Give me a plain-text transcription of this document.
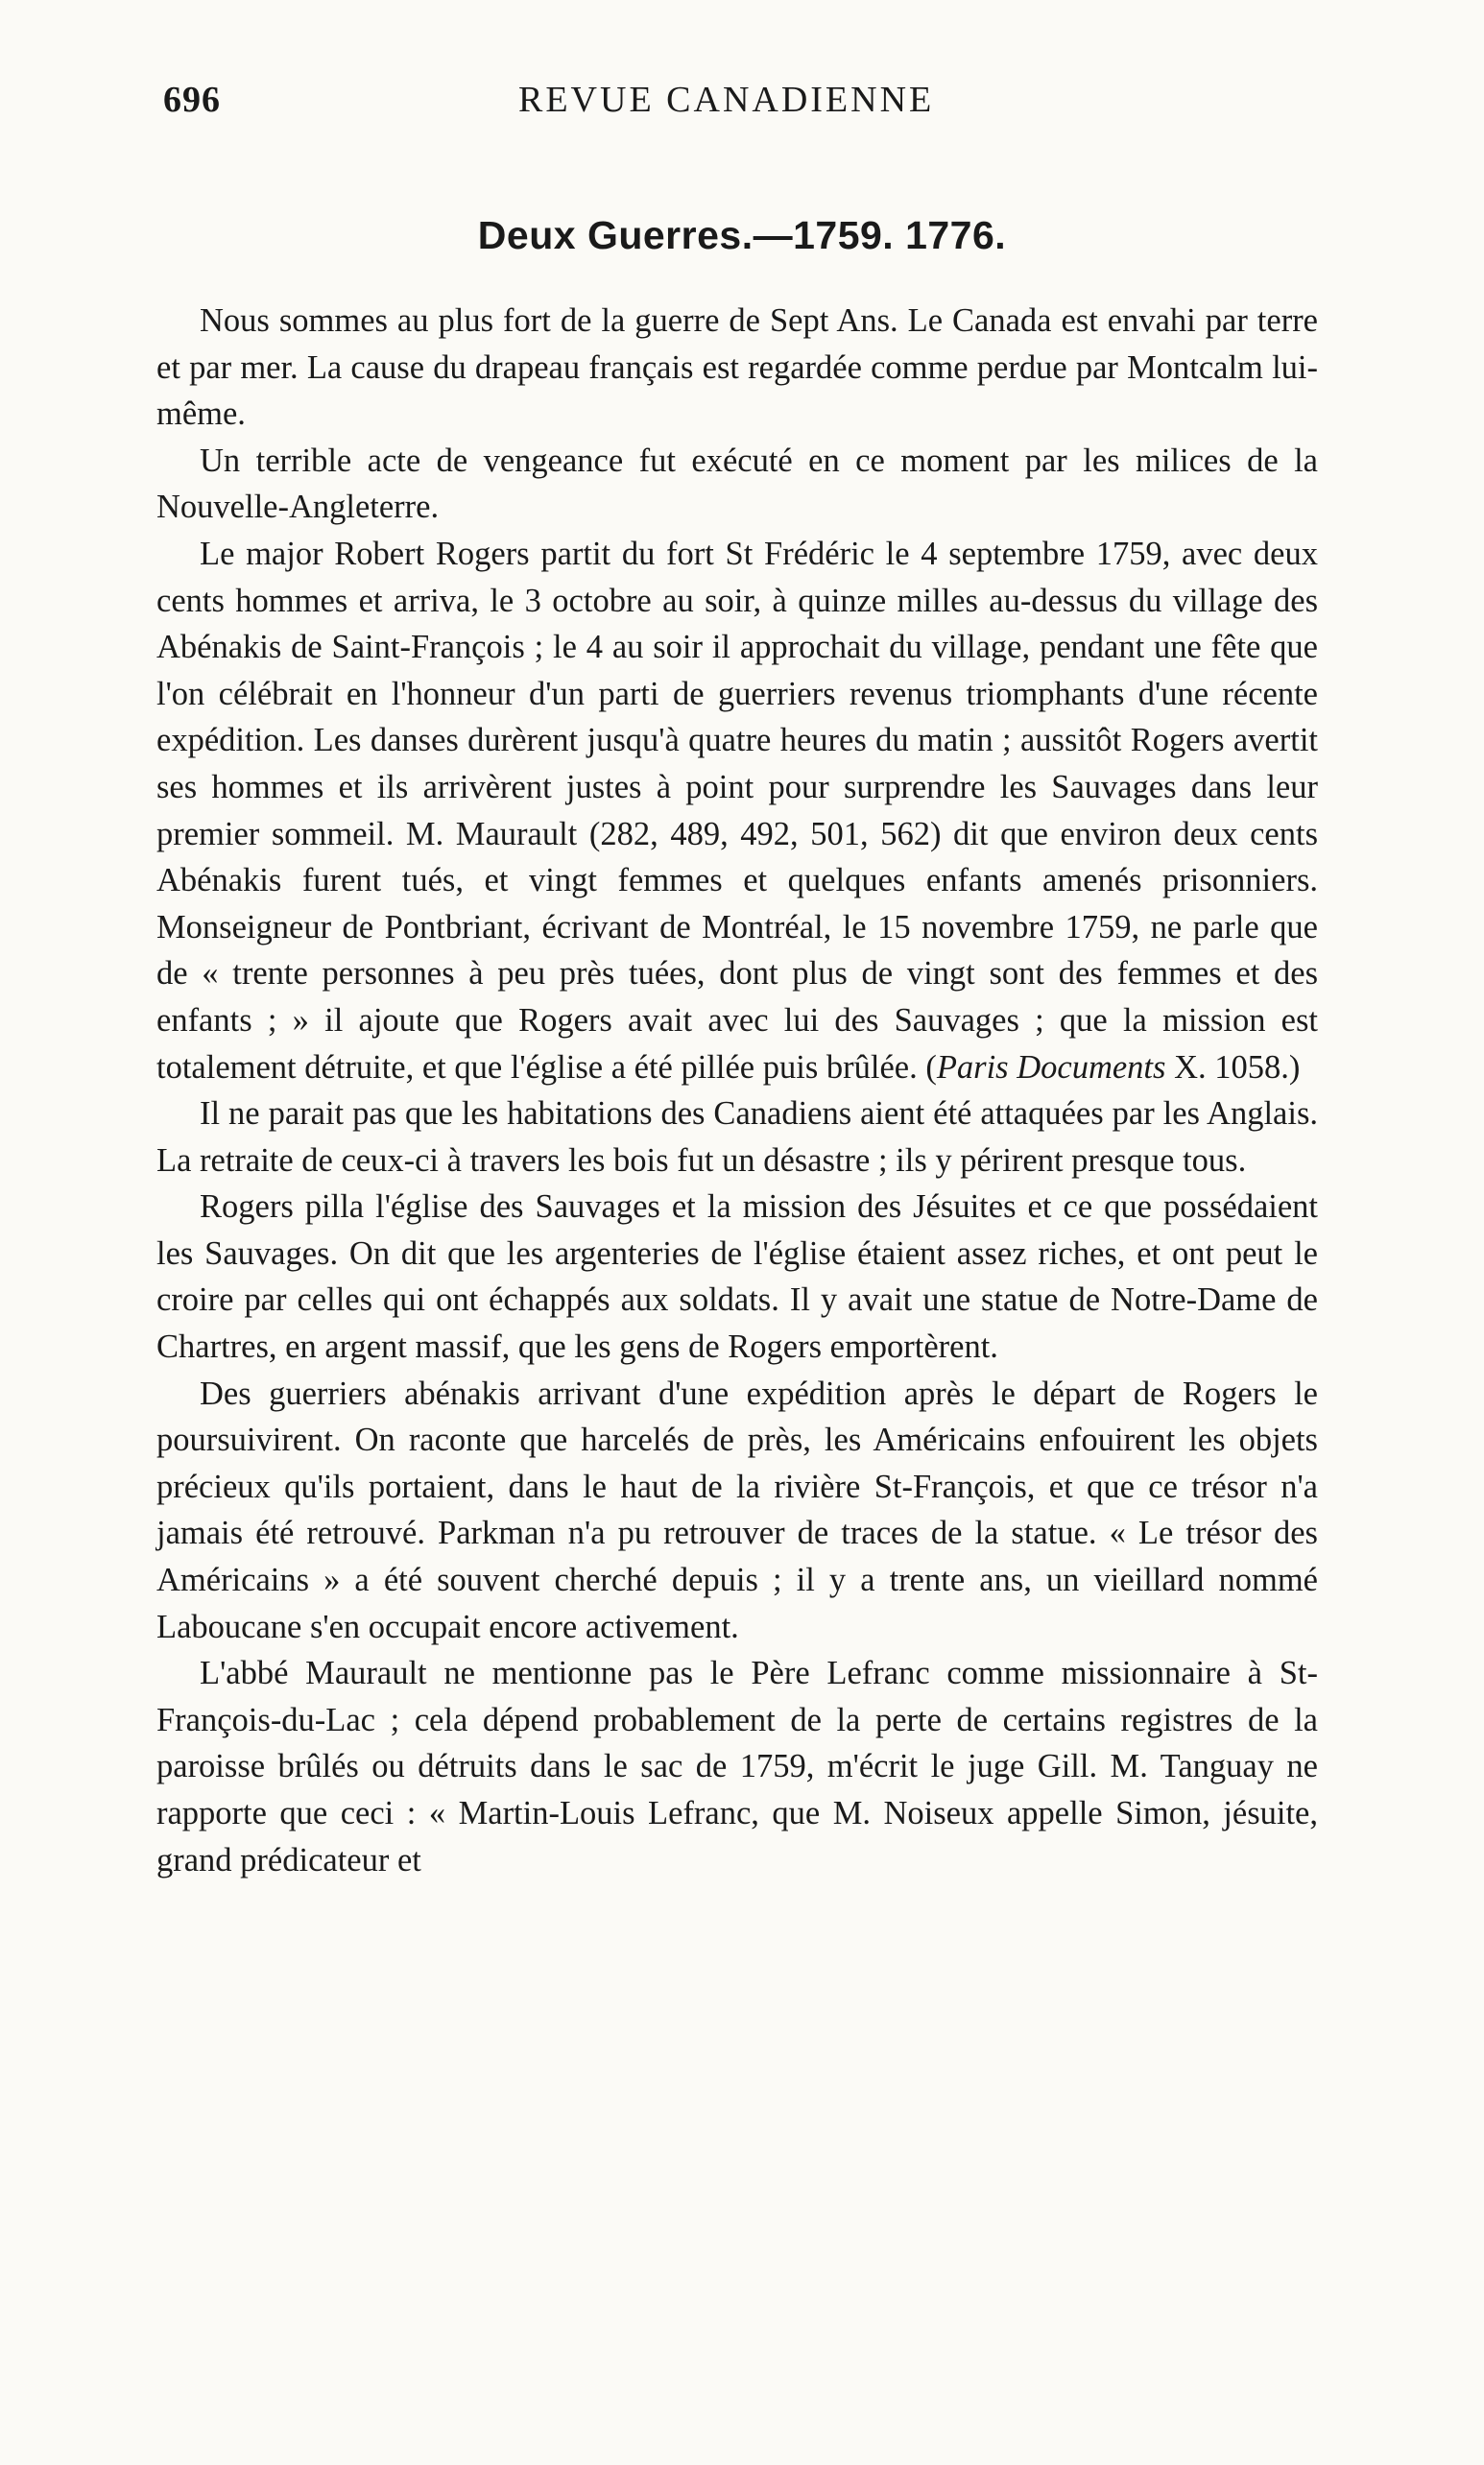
696	REVUE CANADIENNE
Deux Guerres.—1759. 1776.

Nous sommes au plus fort de la guerre de Sept Ans. Le Canada est envahi par terre et par mer. La cause du drapeau français est regardée comme perdue par Montcalm lui-même.

Un terrible acte de vengeance fut exécuté en ce moment par les milices de la Nouvelle-Angleterre.

Le major Robert Rogers partit du fort St Frédéric le 4 septembre 1759, avec deux cents hommes et arriva, le 3 octobre au soir, à quinze milles au-dessus du village des Abénakis de Saint-François ; le 4 au soir il approchait du village, pendant une fête que l'on célébrait en l'honneur d'un parti de guerriers revenus triomphants d'une récente expédition. Les danses durèrent jusqu'à quatre heures du matin ; aussitôt Rogers avertit ses hommes et ils arrivèrent justes à point pour surprendre les Sauvages dans leur premier sommeil. M. Maurault (282, 489, 492, 501, 562) dit que environ deux cents Abénakis furent tués, et vingt femmes et quelques enfants amenés prisonniers. Monseigneur de Pontbriant, écrivant de Montréal, le 15 novembre 1759, ne parle que de « trente personnes à peu près tuées, dont plus de vingt sont des femmes et des enfants ; » il ajoute que Rogers avait avec lui des Sauvages ; que la mission est totalement détruite, et que l'église a été pillée puis brûlée. (Paris Documents X. 1058.)

Il ne parait pas que les habitations des Canadiens aient été attaquées par les Anglais. La retraite de ceux-ci à travers les bois fut un désastre ; ils y périrent presque tous.

Rogers pilla l'église des Sauvages et la mission des Jésuites et ce que possédaient les Sauvages. On dit que les argenteries de l'église étaient assez riches, et ont peut le croire par celles qui ont échappés aux soldats. Il y avait une statue de Notre-Dame de Chartres, en argent massif, que les gens de Rogers emportèrent.

Des guerriers abénakis arrivant d'une expédition après le départ de Rogers le poursuivirent. On raconte que harcelés de près, les Américains enfouirent les objets précieux qu'ils portaient, dans le haut de la rivière St-François, et que ce trésor n'a jamais été retrouvé. Parkman n'a pu retrouver de traces de la statue. « Le trésor des Américains » a été souvent cherché depuis ; il y a trente ans, un vieillard nommé Laboucane s'en occupait encore activement.

L'abbé Maurault ne mentionne pas le Père Lefranc comme missionnaire à St-François-du-Lac ; cela dépend probablement de la perte de certains registres de la paroisse brûlés ou détruits dans le sac de 1759, m'écrit le juge Gill. M. Tanguay ne rapporte que ceci : « Martin-Louis Lefranc, que M. Noiseux appelle Simon, jésuite, grand prédicateur et
